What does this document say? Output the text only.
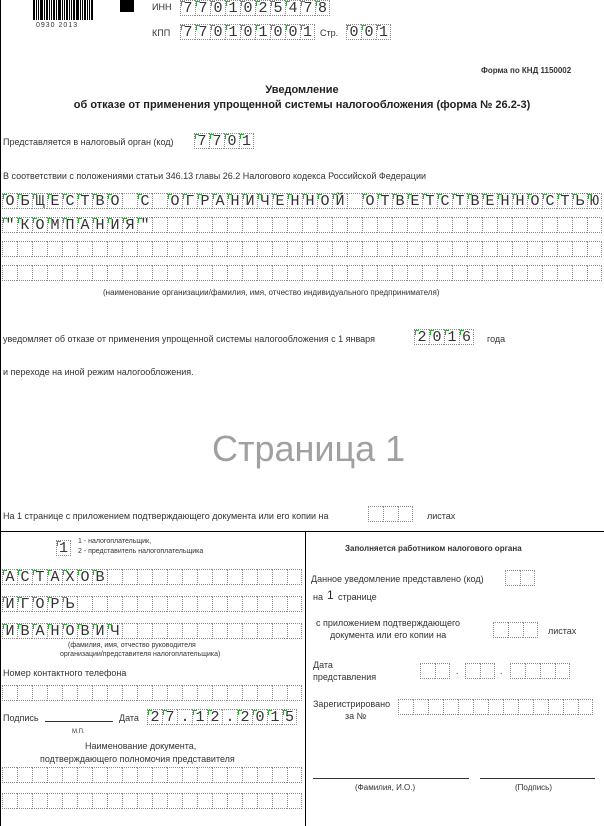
0930 2013
ИНН 7 7 0 1 0 2 5 4 7 8
КПП 7 7 0 1 0 1 0 0 1 Стр. 0 0 1
Форма по КНД 1150002
Уведомление
об отказе от применения упрощенной системы налогообложения (форма № 26.2-3)
Представляется в налоговый орган (код) 7 7 0 1
В соответствии с положениями статьи 346.13 главы 26.2 Налогового кодекса Российской Федерации
О Б Щ Е С Т В О С О Г Р А Н И Ч Е Н Н О Й О Т В Е Т С Т В Е Н Н О С Т Ь Ю
" К О М П А Н И Я "
(наименование организации/фамилия, имя, отчество индивидуального предпринимателя)
уведомляет об отказе от применения упрощенной системы налогообложения с 1 января	2 0 1 6	года
и переходе на иной режим налогообложения.
Страница 1
На 1 странице с приложением подтверждающего документа или его копии на	листах
1	1 - налогоплательщик,
2 - представитель налогоплательщика
А С Т А Х О В
И Г О Р Ь
И В А Н О В И Ч
(фамилия, имя, отчество руководителя
организации/представителя налогоплательщика)
Номер контактного телефона
Подпись	Дата 2 7 . 1 2 . 2 0 1 5
М.П.
Наименование документа,
подтверждающего полномочия представителя
Заполняется работником налогового органа
Данное уведомление представлено (код)
на 1 странице
с приложением подтверждающего
документа или его копии на	листах
Дата
представления
.	.
Зарегистрировано
за №
(Фамилия, И.О.)	(Подпись)
